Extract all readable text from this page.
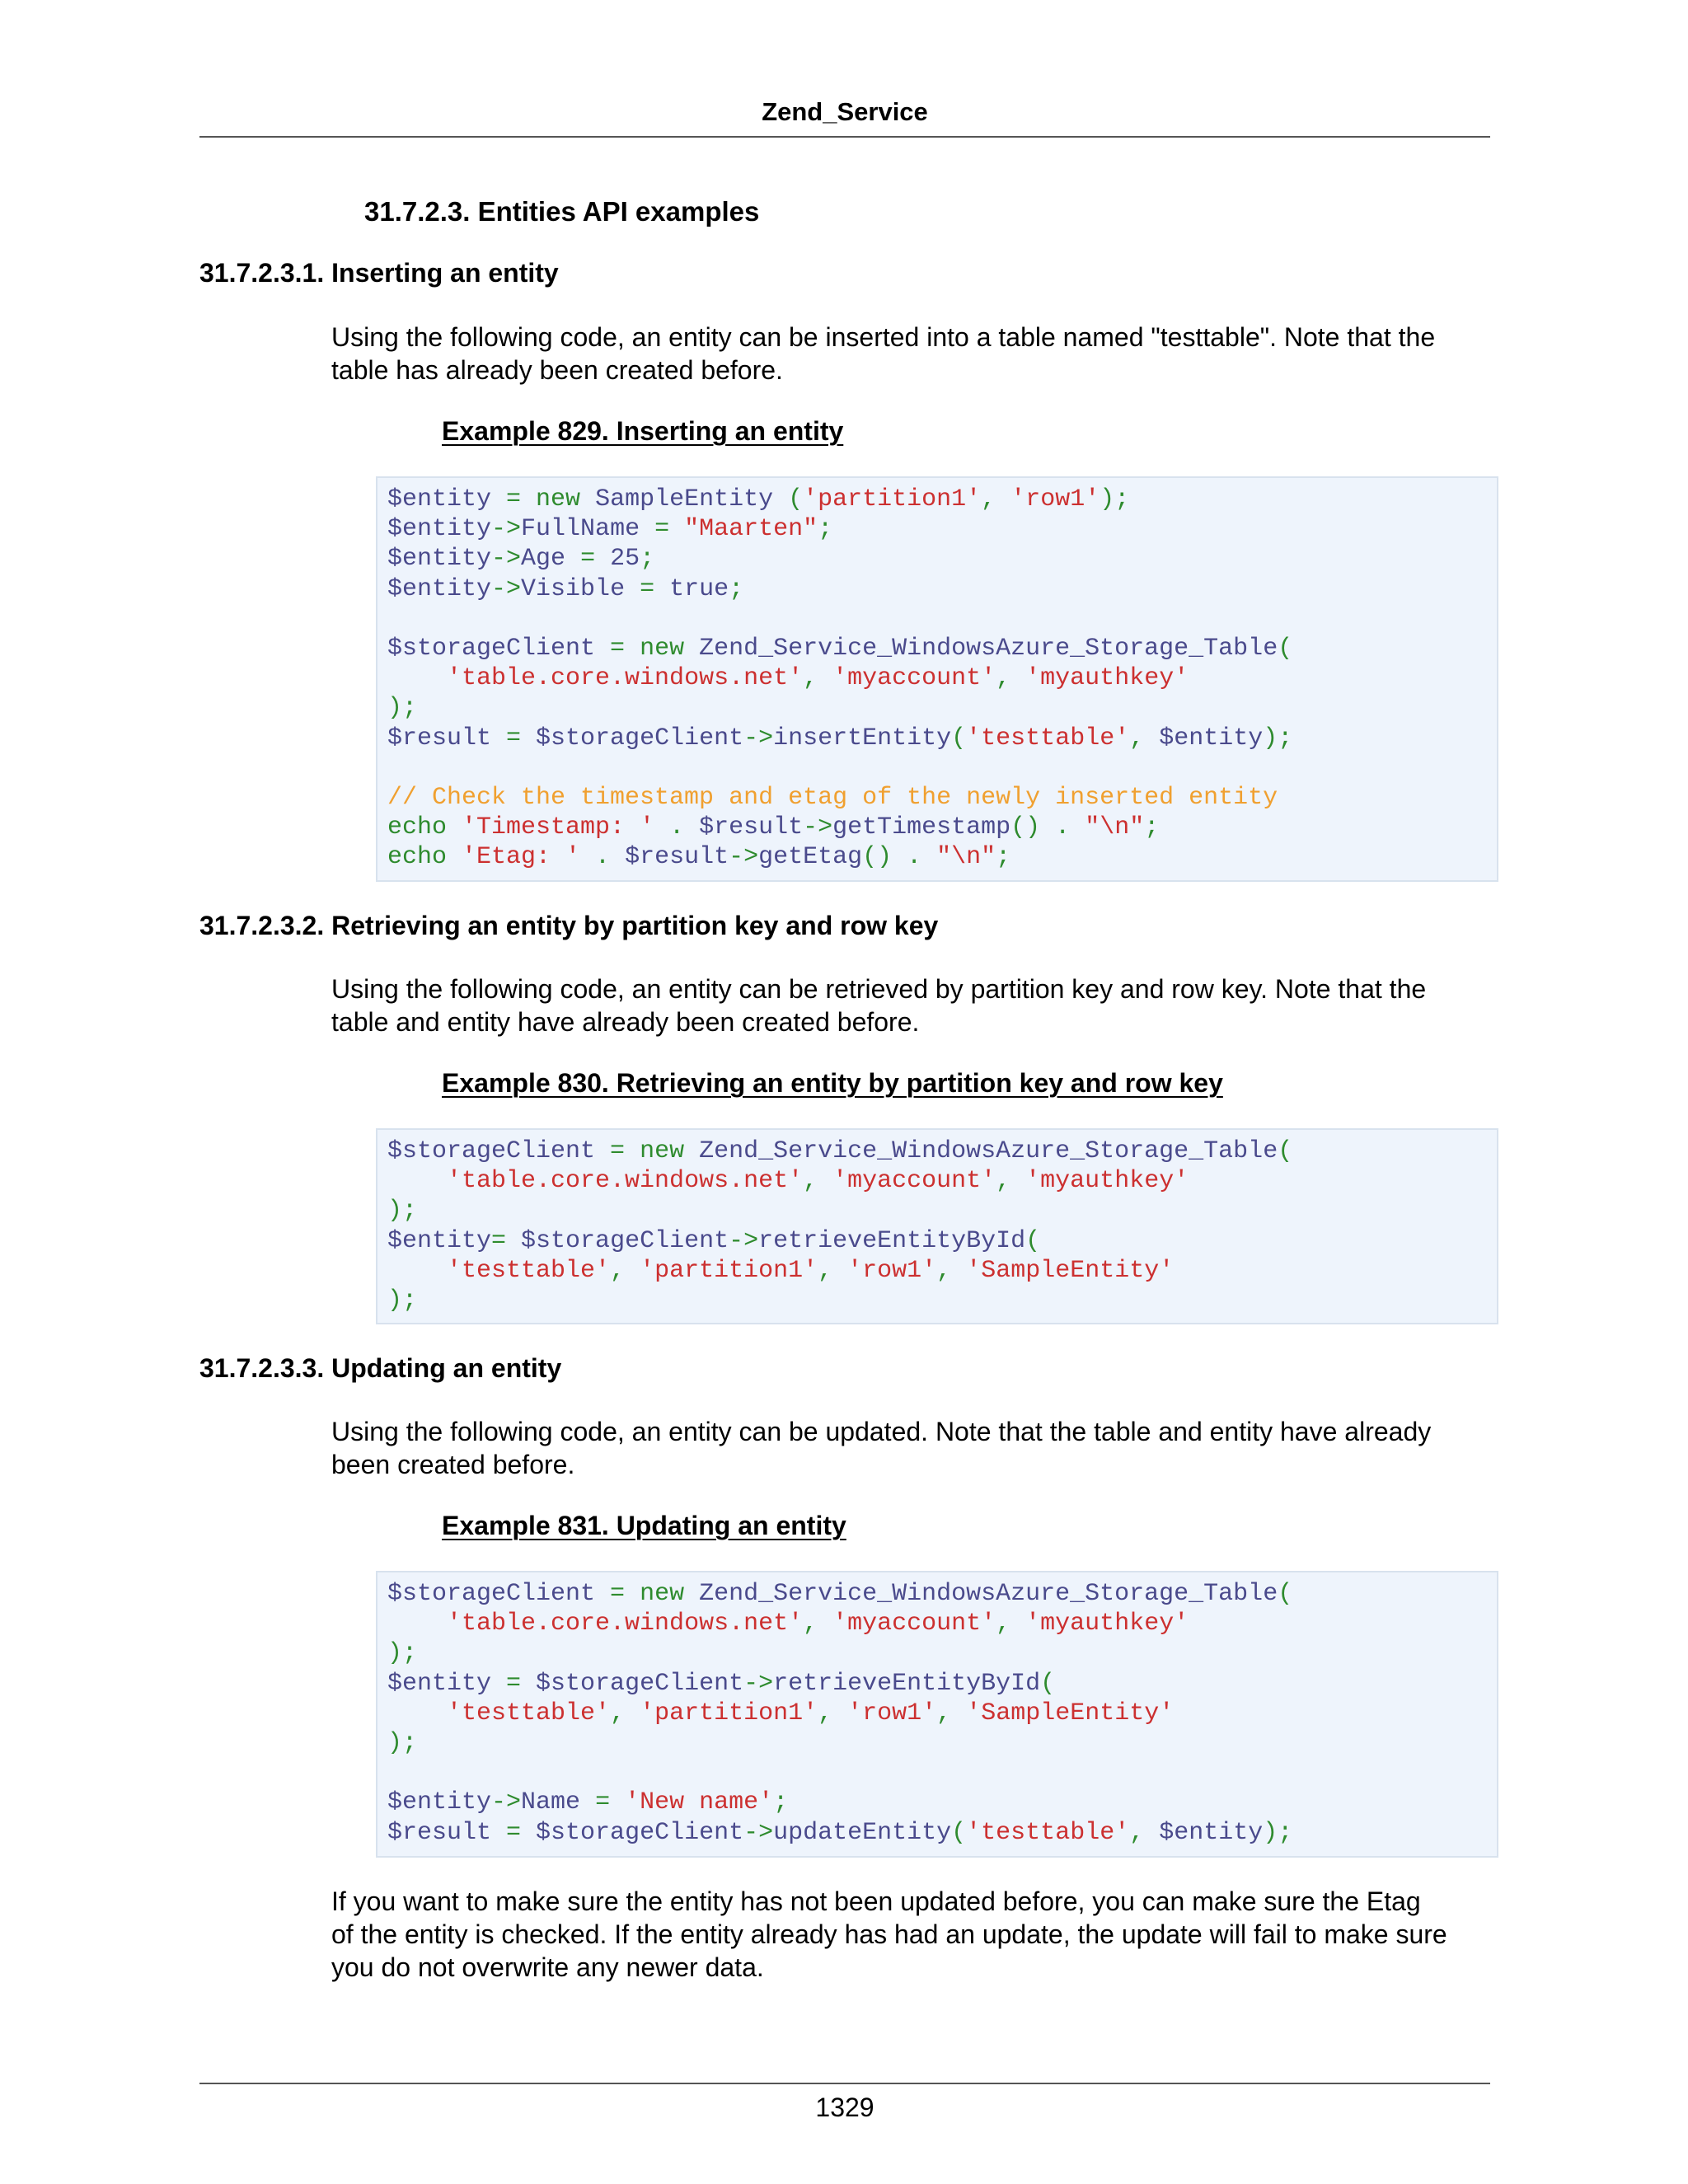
Zend_Service
31.7.2.3. Entities API examples
31.7.2.3.1. Inserting an entity

Using the following code, an entity can be inserted into a table named "testtable". Note that the

table has already been created before.

Example 829. Inserting an entity
$entity = new SampleEntity ('partition1', 'row1');
$entity->FullName = "Maarten";
$entity->Age = 25;
$entity->Visible = true;

$storageClient = new Zend_Service_WindowsAzure_Storage_Table(
'table.core.windows.net', 'myaccount', 'myauthkey'
);
$result = $storageClient->insertEntity('testtable', $entity);

// Check the timestamp and etag of the newly inserted entity
echo 'Timestamp: ' . $result->getTimestamp() . "\n";
echo 'Etag: ' . $result->getEtag() . "\n";
31.7.2.3.2. Retrieving an entity by partition key and row key

Using the following code, an entity can be retrieved by partition key and row key. Note that the

table and entity have already been created before.

Example 830. Retrieving an entity by partition key and row key
$storageClient = new Zend_Service_WindowsAzure_Storage_Table(
'table.core.windows.net', 'myaccount', 'myauthkey'
);
$entity= $storageClient->retrieveEntityById(
'testtable', 'partition1', 'row1', 'SampleEntity'
);
31.7.2.3.3. Updating an entity

Using the following code, an entity can be updated. Note that the table and entity have already

been created before.

Example 831. Updating an entity
$storageClient = new Zend_Service_WindowsAzure_Storage_Table(
'table.core.windows.net', 'myaccount', 'myauthkey'
);
$entity = $storageClient->retrieveEntityById(
'testtable', 'partition1', 'row1', 'SampleEntity'
);

$entity->Name = 'New name';
$result = $storageClient->updateEntity('testtable', $entity);

If you want to make sure the entity has not been updated before, you can make sure the Etag

of the entity is checked. If the entity already has had an update, the update will fail to make sure

you do not overwrite any newer data.

1329
